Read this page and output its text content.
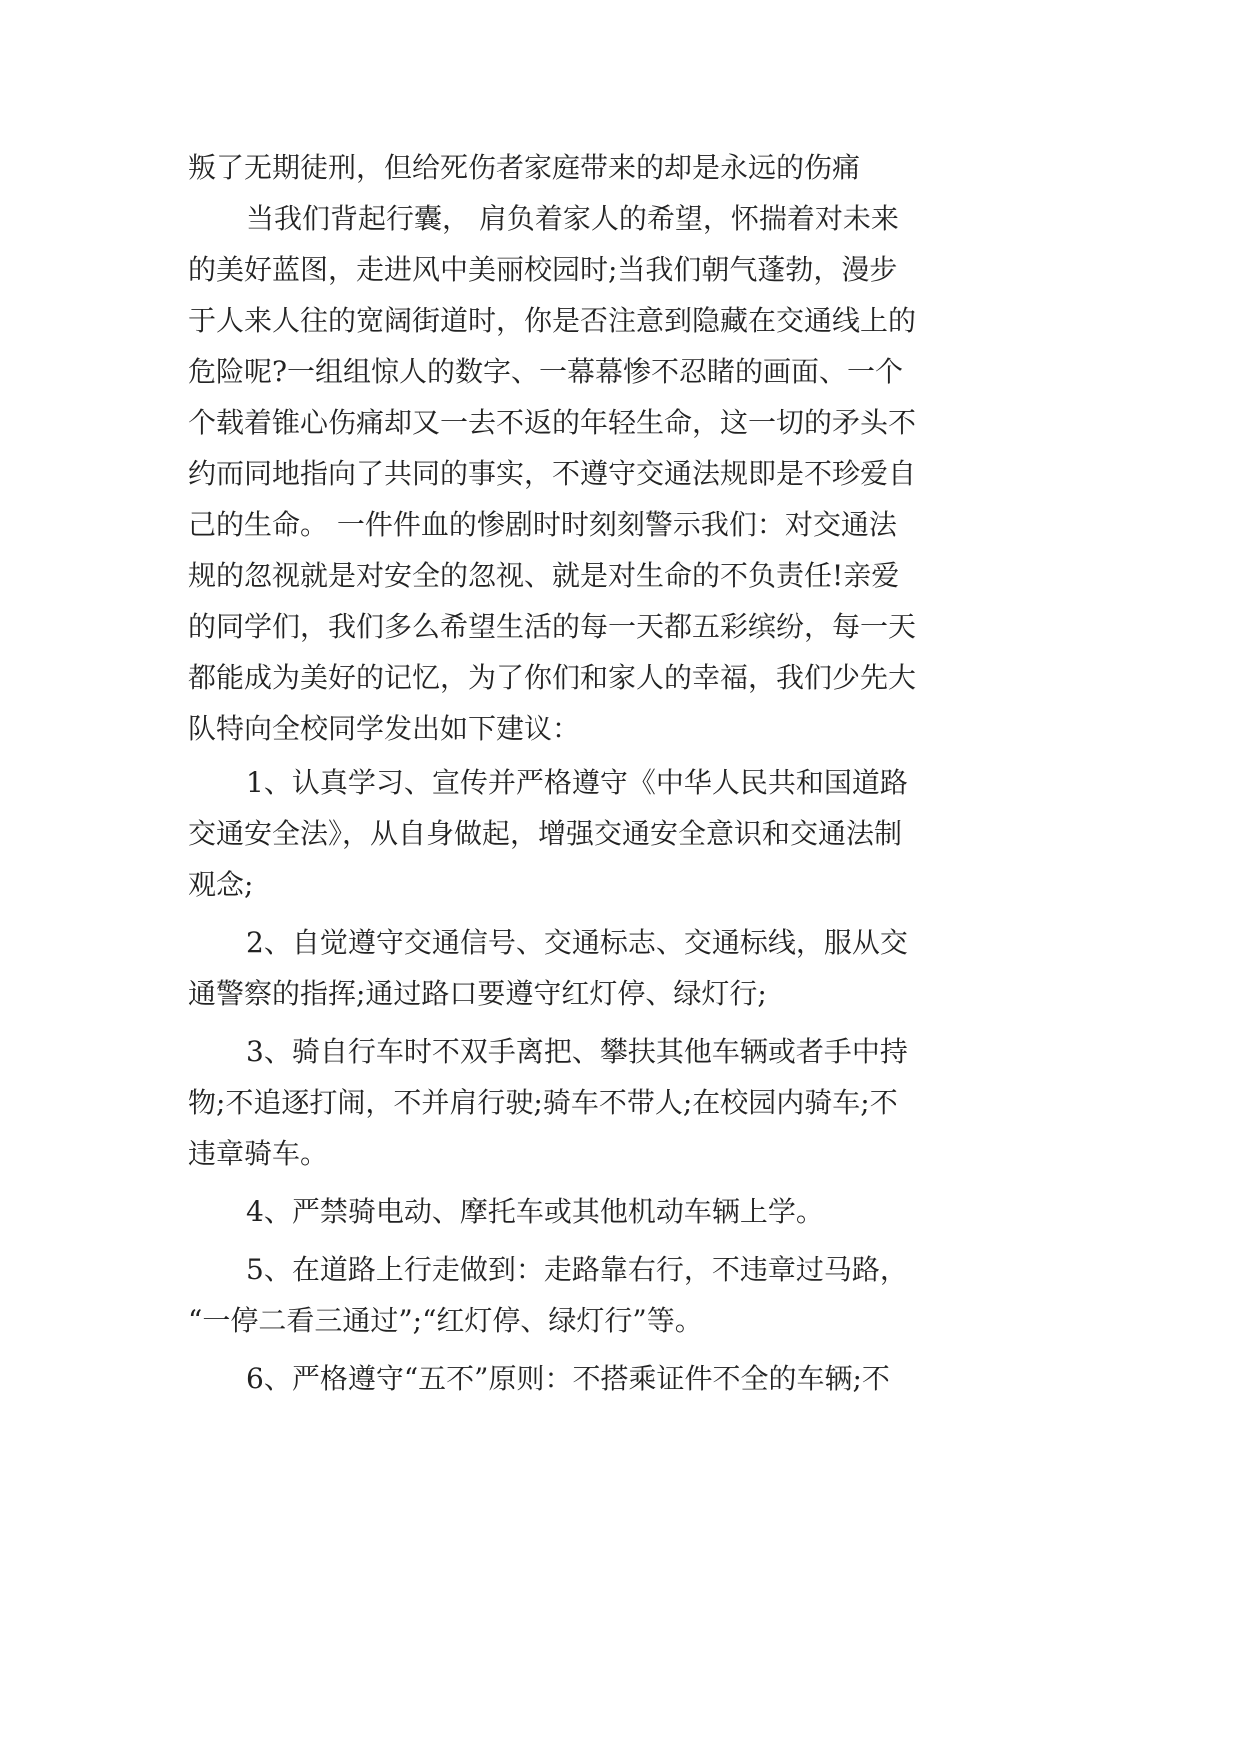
叛了无期徒刑，但给死伤者家庭带来的却是永远的伤痛
当我们背起行囊， 肩负着家人的希望，怀揣着对未来
的美好蓝图，走进风中美丽校园时;当我们朝气蓬勃，漫步
于人来人往的宽阔街道时，你是否注意到隐藏在交通线上的
危险呢?一组组惊人的数字、一幕幕惨不忍睹的画面、一个
个载着锥心伤痛却又一去不返的年轻生命，这一切的矛头不
约而同地指向了共同的事实，不遵守交通法规即是不珍爱自
己的生命。 一件件血的惨剧时时刻刻警示我们：对交通法
规的忽视就是对安全的忽视、就是对生命的不负责任!亲爱
的同学们，我们多么希望生活的每一天都五彩缤纷，每一天
都能成为美好的记忆，为了你们和家人的幸福，我们少先大
队特向全校同学发出如下建议：
1、认真学习、宣传并严格遵守《中华人民共和国道路
交通安全法》，从自身做起，增强交通安全意识和交通法制
观念;
2、自觉遵守交通信号、交通标志、交通标线，服从交
通警察的指挥;通过路口要遵守红灯停、绿灯行;
3、骑自行车时不双手离把、攀扶其他车辆或者手中持
物;不追逐打闹，不并肩行驶;骑车不带人;在校园内骑车;不
违章骑车。
4、严禁骑电动、摩托车或其他机动车辆上学。
5、在道路上行走做到：走路靠右行，不违章过马路，
“一停二看三通过”;“红灯停、绿灯行”等。
6、严格遵守“五不”原则：不搭乘证件不全的车辆;不
